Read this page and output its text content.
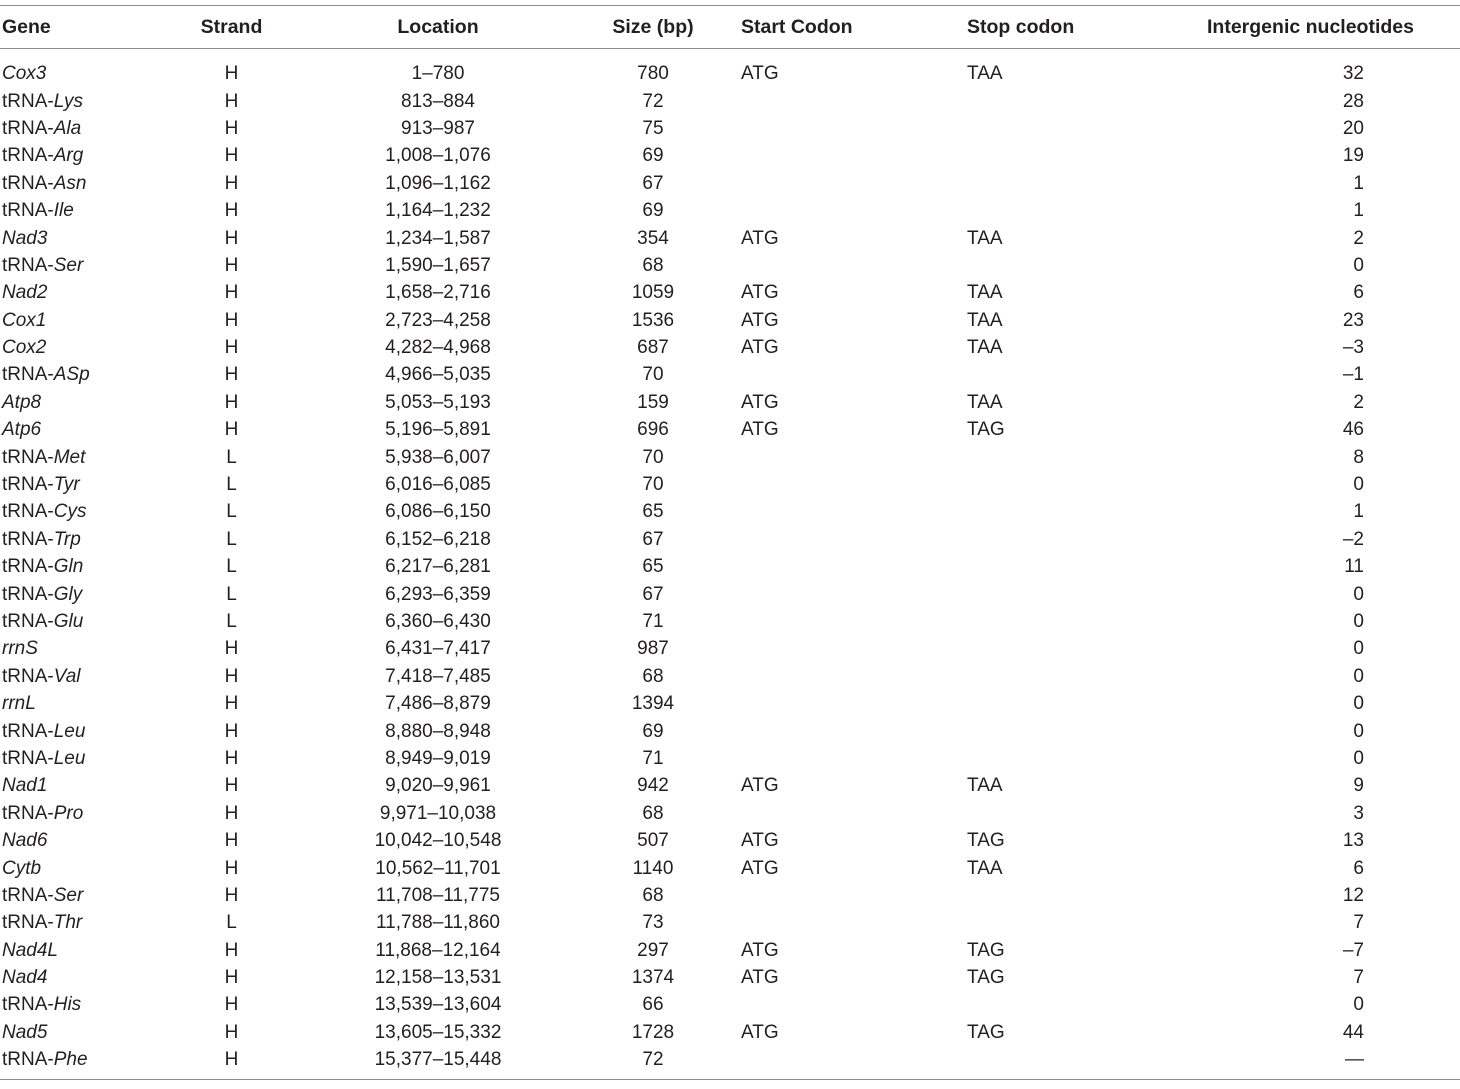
Gene	Strand	Location	Size (bp)	Start Codon	Stop codon	Intergenic nucleotides
Cox3	H	1–780	780	ATG	TAA	32
tRNA-Lys	H	813–884	72			28
tRNA-Ala	H	913–987	75			20
tRNA-Arg	H	1,008–1,076	69			19
tRNA-Asn	H	1,096–1,162	67			1
tRNA-Ile	H	1,164–1,232	69			1
Nad3	H	1,234–1,587	354	ATG	TAA	2
tRNA-Ser	H	1,590–1,657	68			0
Nad2	H	1,658–2,716	1059	ATG	TAA	6
Cox1	H	2,723–4,258	1536	ATG	TAA	23
Cox2	H	4,282–4,968	687	ATG	TAA	–3
tRNA-ASp	H	4,966–5,035	70			–1
Atp8	H	5,053–5,193	159	ATG	TAA	2
Atp6	H	5,196–5,891	696	ATG	TAG	46
tRNA-Met	L	5,938–6,007	70			8
tRNA-Tyr	L	6,016–6,085	70			0
tRNA-Cys	L	6,086–6,150	65			1
tRNA-Trp	L	6,152–6,218	67			–2
tRNA-Gln	L	6,217–6,281	65			11
tRNA-Gly	L	6,293–6,359	67			0
tRNA-Glu	L	6,360–6,430	71			0
rrnS	H	6,431–7,417	987			0
tRNA-Val	H	7,418–7,485	68			0
rrnL	H	7,486–8,879	1394			0
tRNA-Leu	H	8,880–8,948	69			0
tRNA-Leu	H	8,949–9,019	71			0
Nad1	H	9,020–9,961	942	ATG	TAA	9
tRNA-Pro	H	9,971–10,038	68			3
Nad6	H	10,042–10,548	507	ATG	TAG	13
Cytb	H	10,562–11,701	1140	ATG	TAA	6
tRNA-Ser	H	11,708–11,775	68			12
tRNA-Thr	L	11,788–11,860	73			7
Nad4L	H	11,868–12,164	297	ATG	TAG	–7
Nad4	H	12,158–13,531	1374	ATG	TAG	7
tRNA-His	H	13,539–13,604	66			0
Nad5	H	13,605–15,332	1728	ATG	TAG	44
tRNA-Phe	H	15,377–15,448	72			—
